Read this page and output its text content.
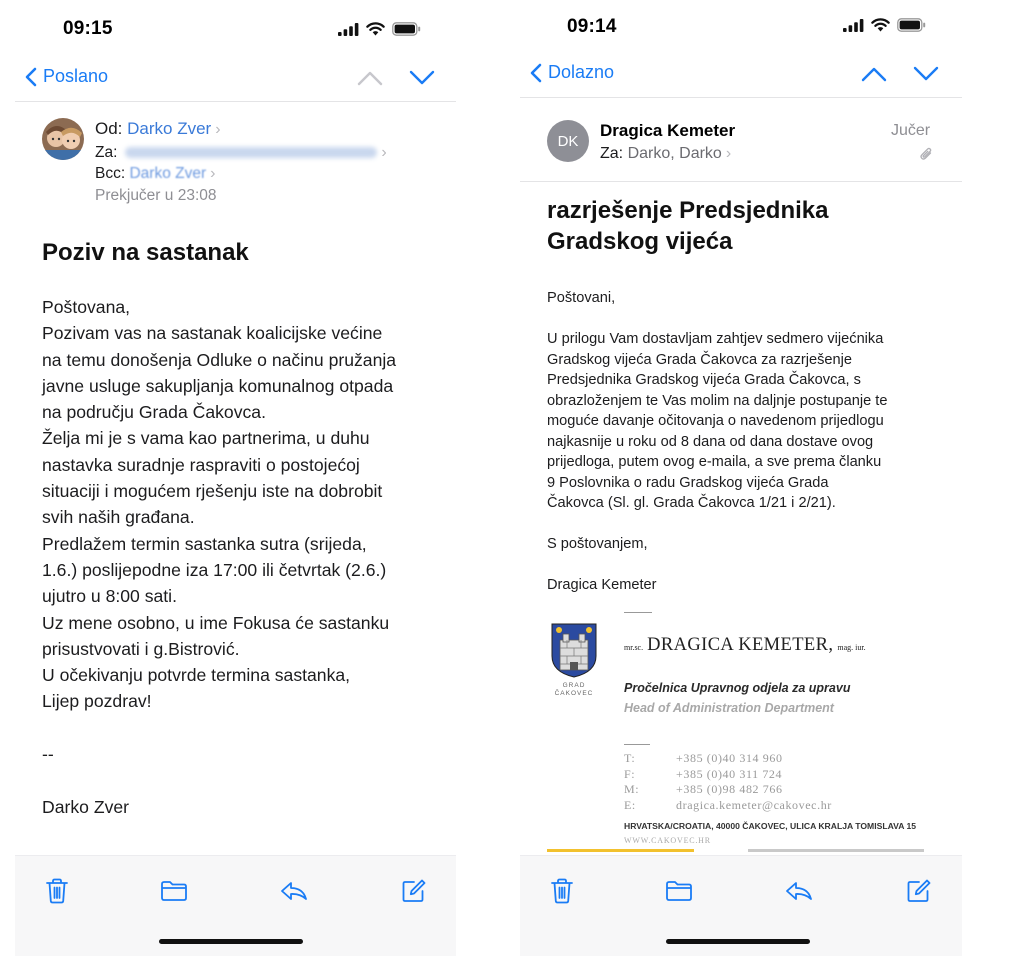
09:15
Poslano
Od: Darko Zver ›
Za:	›
Bcc: Darko Zver ›
Prekjučer u 23:08
Poziv na sastanak
Poštovana,
Pozivam vas na sastanak koalicijske većine
na temu donošenja Odluke o načinu pružanja
javne usluge sakupljanja komunalnog otpada
na području Grada Čakovca.
Želja mi je s vama kao partnerima, u duhu
nastavka suradnje raspraviti o postojećoj
situaciji i mogućem rješenju iste na dobrobit
svih naših građana.
Predlažem termin sastanka sutra (srijeda,
1.6.) poslijepodne iza 17:00 ili četvrtak (2.6.)
ujutro u 8:00 sati.
Uz mene osobno, u ime Fokusa će sastanku
prisustvovati i g.Bistrović.
U očekivanju potvrde termina sastanka,
Lijep pozdrav!

--

Darko Zver
09:14
Dolazno
DK
Dragica Kemeter	Jučer
Za: Darko, Darko ›
razrješenje Predsjednika Gradskog vijeća
Poštovani,

U prilogu Vam dostavljam zahtjev sedmero vijećnika
Gradskog vijeća Grada Čakovca za razrješenje
Predsjednika Gradskog vijeća Grada Čakovca, s
obrazloženjem te Vas molim na daljnje postupanje te
moguće davanje očitovanja o navedenom prijedlogu
najkasnije u roku od 8 dana od dana dostave ovog
prijedloga, putem ovog e-maila, a sve prema članku
9 Poslovnika o radu Gradskog vijeća Grada
Čakovca (Sl. gl. Grada Čakovca 1/21 i 2/21).

S poštovanjem,

Dragica Kemeter
GRAD
ČAKOVEC
mr.sc. DRAGICA KEMETER, mag. iur.
Pročelnica Upravnog odjela za upravu
Head of Administration Department
T:	+385 (0)40 314 960
F:	+385 (0)40 311 724
M:	+385 (0)98 482 766
E:	dragica.kemeter@cakovec.hr
HRVATSKA/CROATIA, 40000 ČAKOVEC, ULICA KRALJA TOMISLAVA 15
WWW.CAKOVEC.HR
